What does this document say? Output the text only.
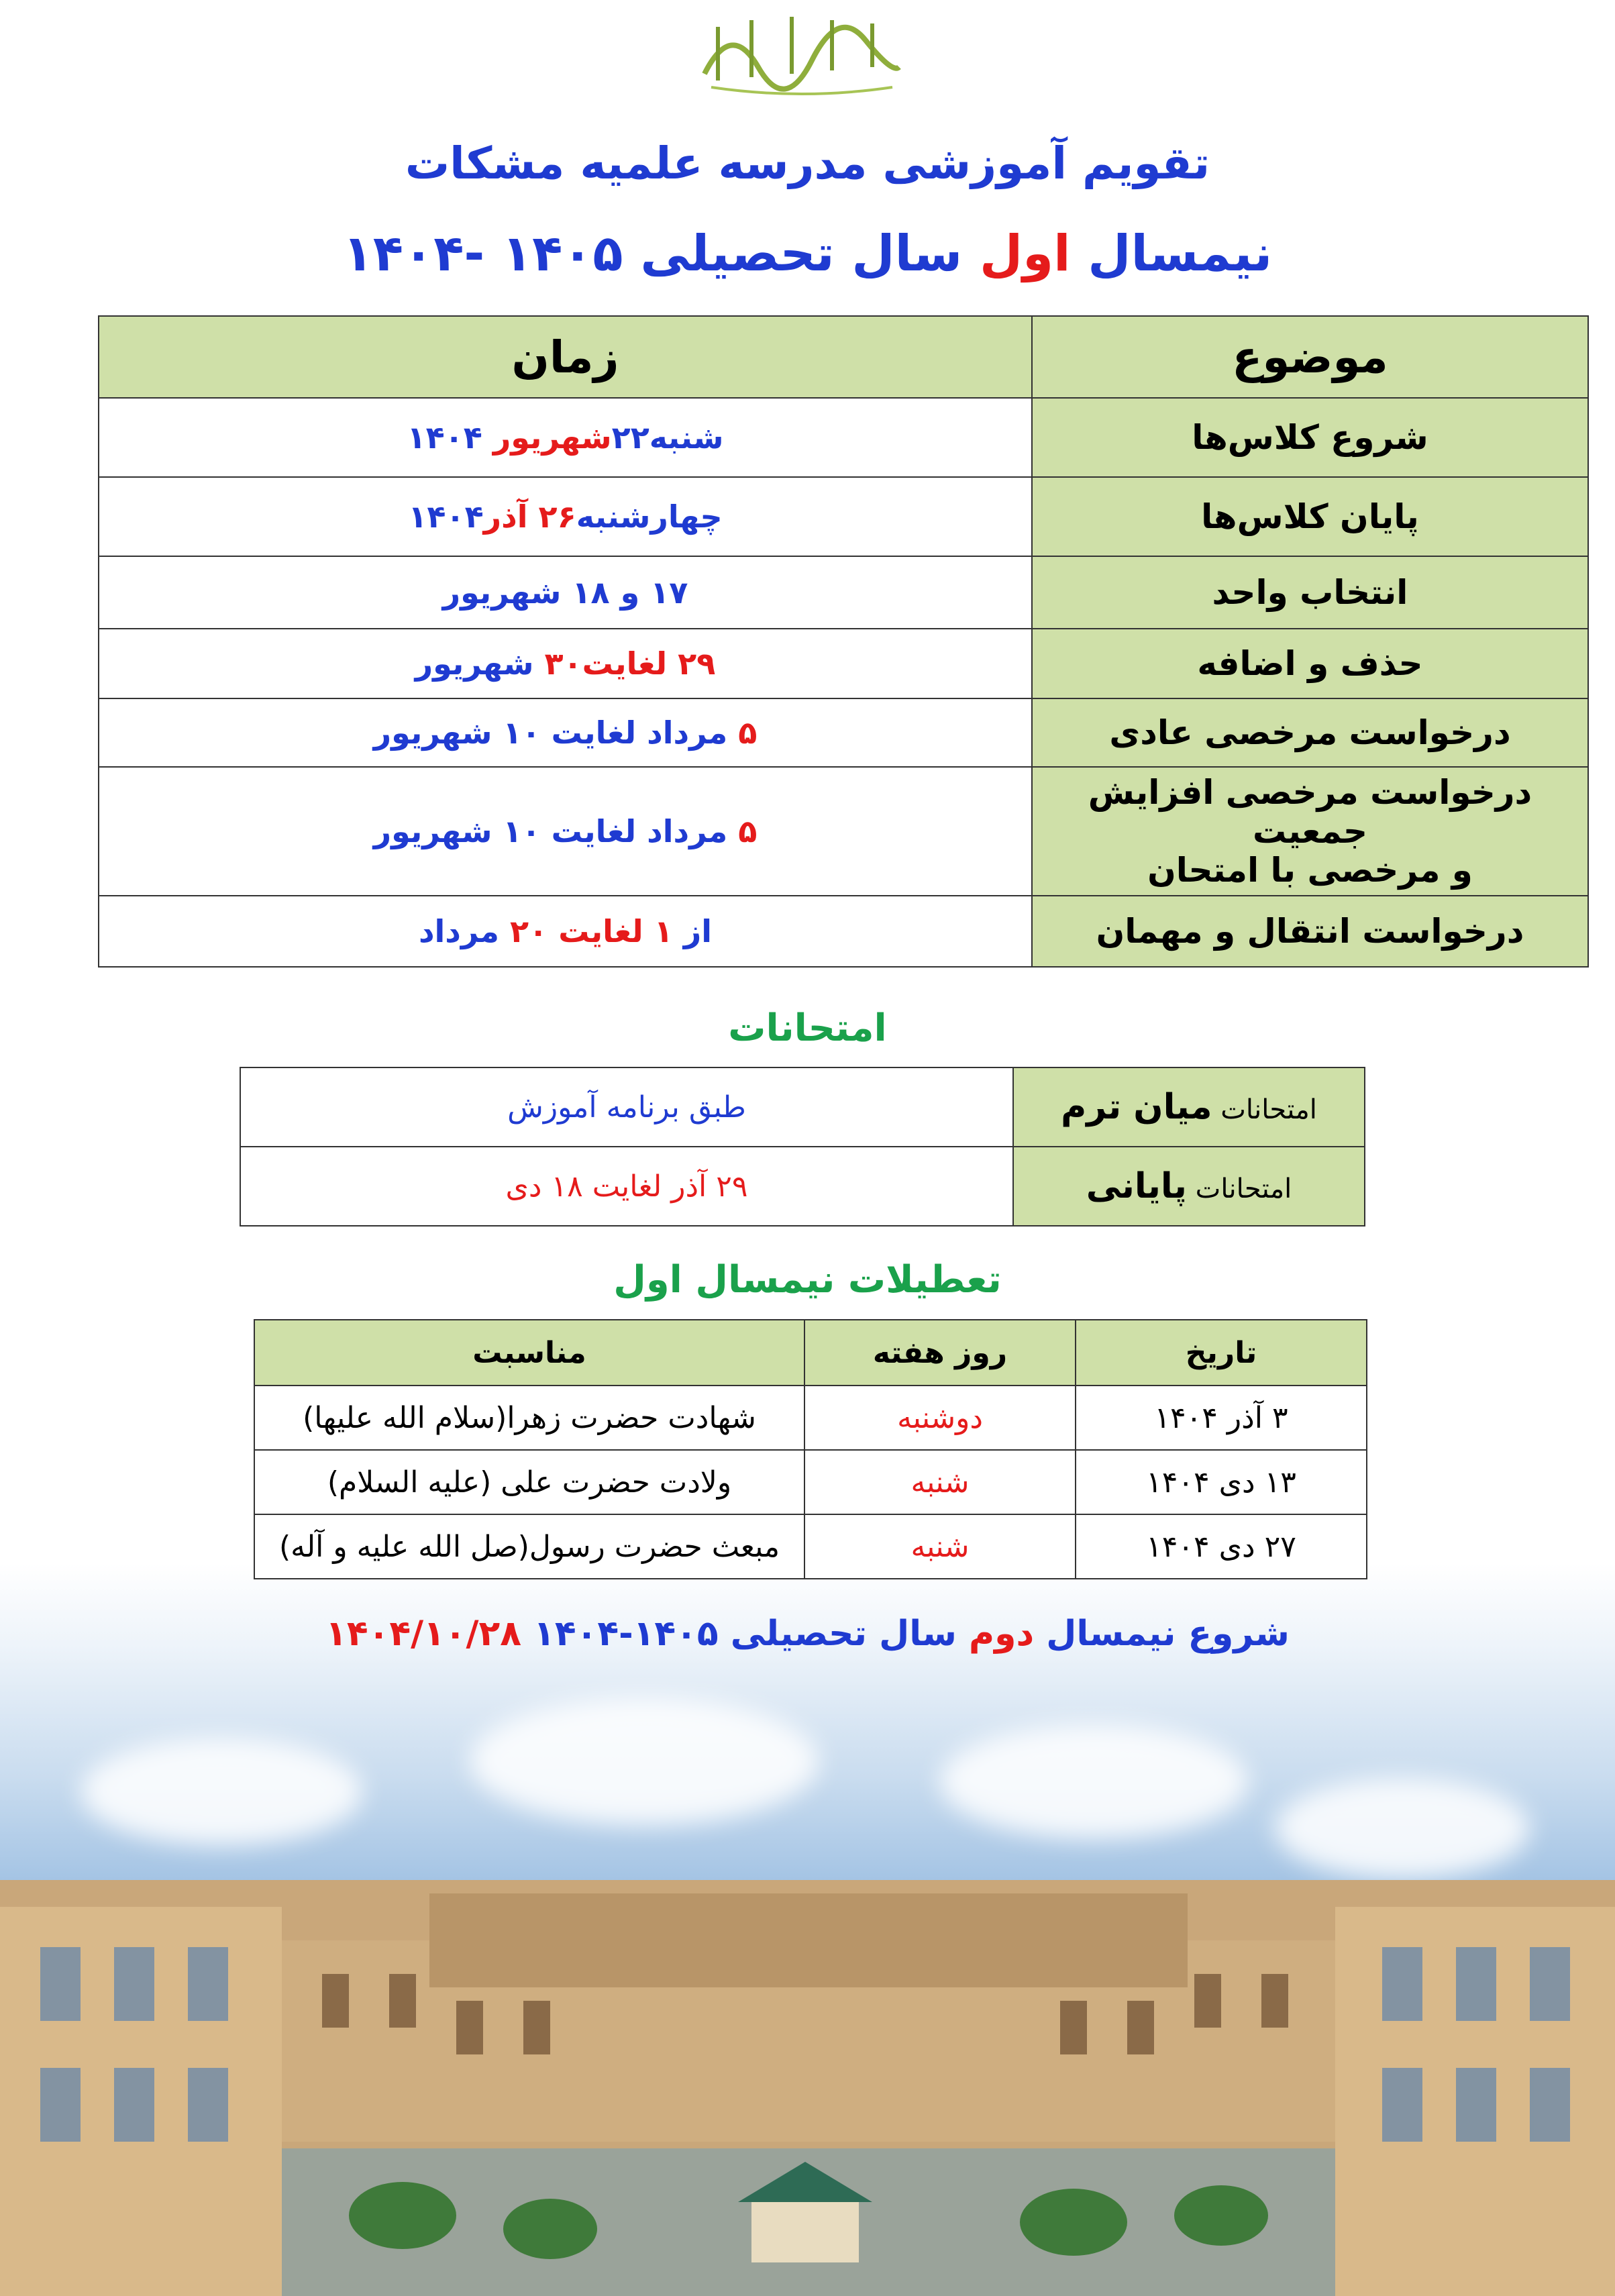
تقویم آموزشی مدرسه علمیه مشکات
نیمسال اول سال تحصیلی ۱۴۰۵ -۱۴۰۴
موضوع	زمان
شروع کلاس‌ها	شنبه۲۲شهریور ۱۴۰۴
پایان کلاس‌ها	چهارشنبه۲۶ آذر۱۴۰۴
انتخاب واحد	۱۷ و ۱۸ شهریور
حذف و اضافه	۲۹ لغایت۳۰ شهریور
درخواست مرخصی عادی	۵ مرداد لغایت ۱۰ شهریور

درخواست مرخصی افزایش جمعیت
و مرخصی با امتحان	۵ مرداد لغایت ۱۰ شهریور
درخواست انتقال و مهمان	از ۱ لغایت ۲۰ مرداد
امتحانات
امتحانات میان ترم	طبق برنامه آموزش
امتحانات پایانی	۲۹ آذر لغایت ۱۸ دی
تعطیلات نیمسال اول
تاریخ	روز هفته	مناسبت
۳ آذر ۱۴۰۴	دوشنبه	شهادت حضرت زهرا(سلام الله علیها)
۱۳ دی ۱۴۰۴	شنبه	ولادت حضرت علی (علیه السلام)
۲۷ دی ۱۴۰۴	شنبه	مبعث حضرت رسول(صل الله علیه و آله)
شروع نیمسال دوم سال تحصیلی ۱۴۰۵-۱۴۰۴ ۱۴۰۴/۱۰/۲۸
